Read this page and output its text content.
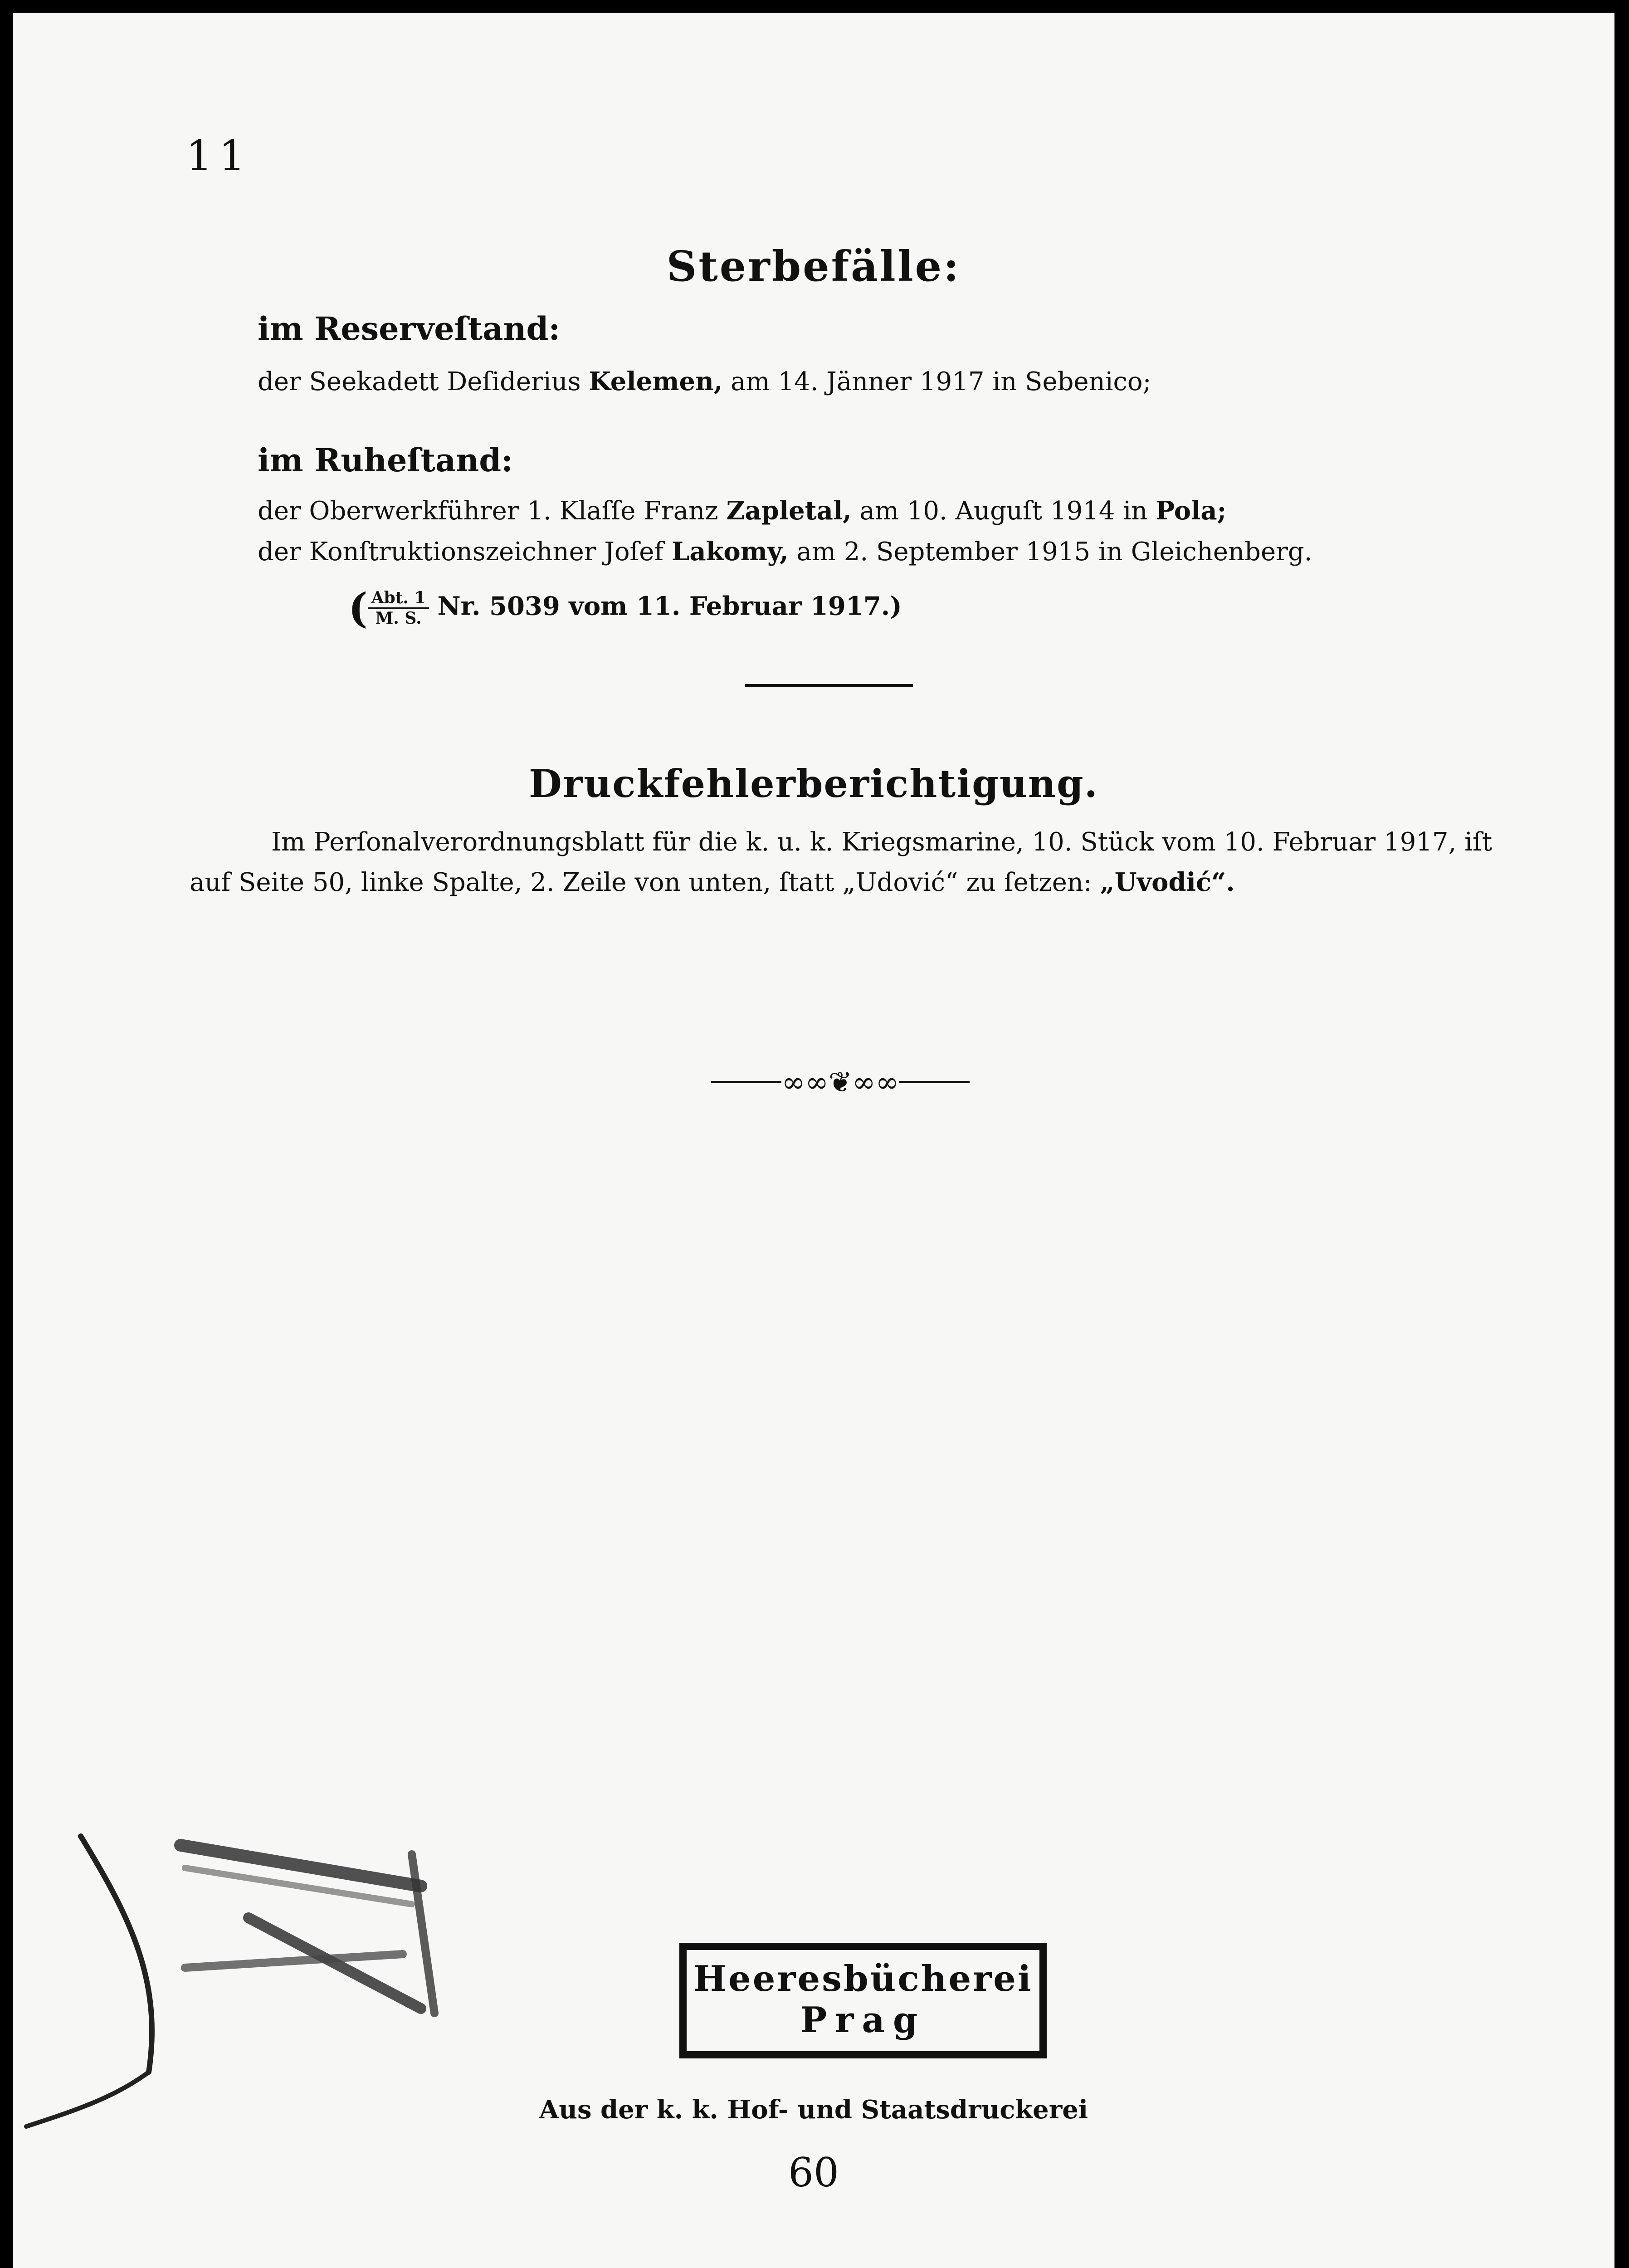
11
Sterbefälle:
im Reserveſtand:
der Seekadett Deſiderius Kelemen, am 14. Jänner 1917 in Sebenico;
im Ruheſtand:
der Oberwerkführer 1. Klaſſe Franz Zapletal, am 10. Auguſt 1914 in Pola;
der Konſtruktionszeichner Joſef Lakomy, am 2. September 1915 in Gleichenberg.
( $\frac{\text{Abt. 1}}{M. S.} Nr$. 5039 vom 11. Februar 1917.)
Druckfehlerberichtigung.
Im Perſonalverordnungsblatt für die k. u. k. Kriegsmarine, 10. Stück vom 10. Februar 1917, iſt auf Seite 50, linke Spalte, 2. Zeile von unten, ſtatt „Udović“ zu ſetzen: „Uvodić“.
∞∞❦∞∞
Heeresbücherei
Prag
Aus der k. k. Hof- und Staatsdruckerei
60
